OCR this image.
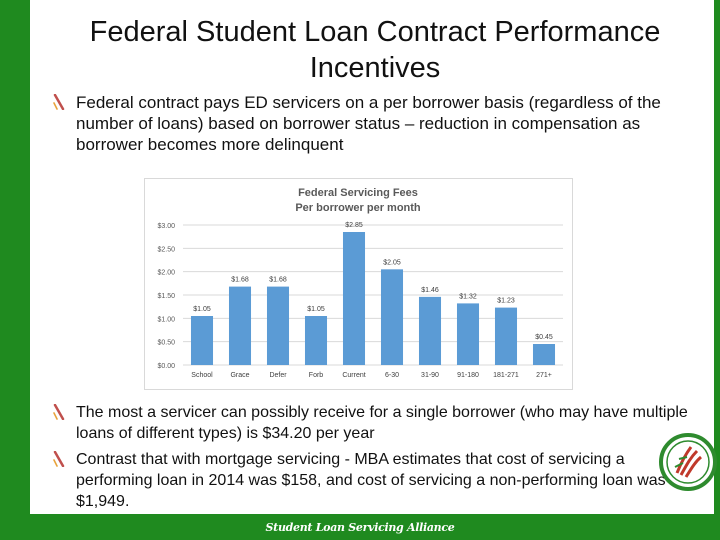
Federal Student Loan Contract Performance Incentives
Federal contract pays ED servicers on a per borrower basis (regardless of the number of loans) based on borrower status – reduction in compensation as borrower becomes more delinquent
Federal Servicing Fees
Per borrower per month
$0.00
$0.50
$1.00
$1.50
$2.00
$2.50
$3.00
$1.05
School
$1.68
Grace
$1.68
Defer
$1.05
Forb
$2.85
Current
$2.05
6-30
$1.46
31-90
$1.32
91-180
$1.23
181-271
$0.45
271+
The most a servicer can possibly receive for a single borrower (who may have multiple loans of different types) is $34.20 per year
Contrast that with mortgage servicing - MBA estimates that cost of servicing a performing loan in 2014 was $158, and cost of servicing a non-performing loan was $1,949.
Student Loan Servicing Alliance
